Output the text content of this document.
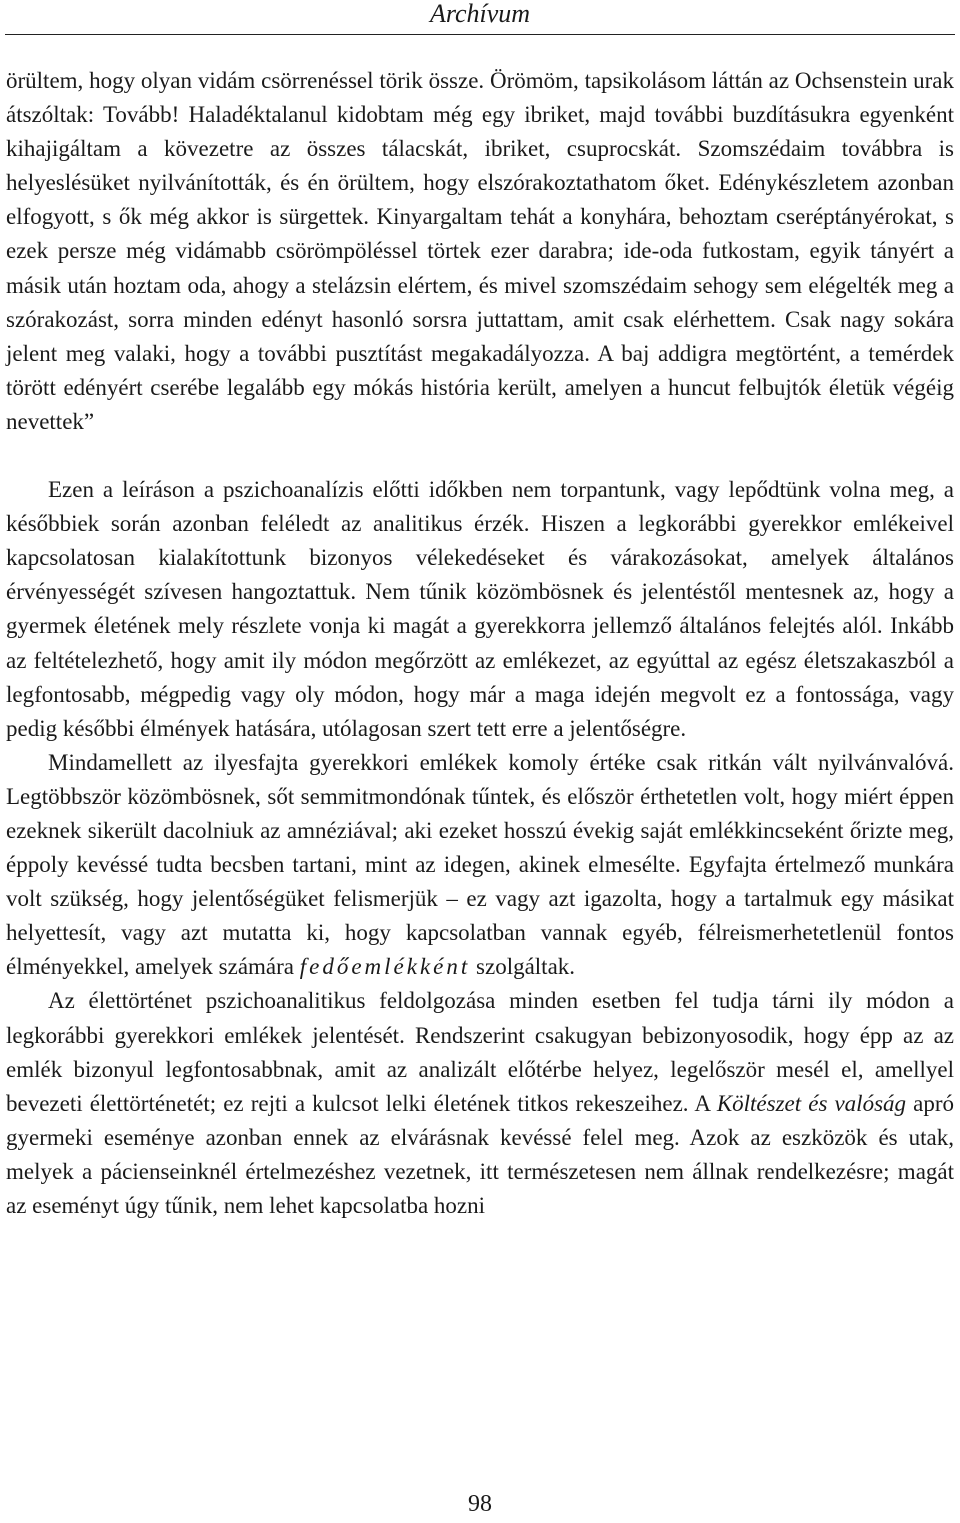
Archívum

örültem, hogy olyan vidám csörrenéssel törik össze. Örömöm, tapsikolásom láttán az Ochsenstein urak átszóltak: Tovább! Haladéktalanul kidobtam még egy ibriket, majd további buzdításukra egyenként kihajigáltam a kövezetre az összes tálacskát, ibriket, csuprocskát. Szomszédaim továbbra is helyeslésüket nyilvánították, és én örültem, hogy elszórakoztathatom őket. Edénykészletem azonban elfogyott, s ők még akkor is sürgettek. Kinyargaltam tehát a konyhára, behoztam cseréptányérokat, s ezek persze még vidámabb csörömpöléssel törtek ezer darabra; ide-oda futkostam, egyik tányért a másik után hoztam oda, ahogy a stelázsin elértem, és mivel szomszédaim sehogy sem elégelték meg a szórakozást, sorra minden edényt hasonló sorsra juttattam, amit csak elérhettem. Csak nagy sokára jelent meg valaki, hogy a további pusztítást megakadályozza. A baj addigra megtörtént, a temérdek törött edényért cserébe legalább egy mókás história került, amelyen a huncut felbujtók életük végéig nevettek”

Ezen a leíráson a pszichoanalízis előtti időkben nem torpantunk, vagy lepődtünk volna meg, a későbbiek során azonban feléledt az analitikus érzék. Hiszen a legkorábbi gyerekkor emlékeivel kapcsolatosan kialakítottunk bizonyos vélekedéseket és várakozásokat, amelyek általános érvényességét szívesen hangoztattuk. Nem tűnik közömbösnek és jelentéstől mentesnek az, hogy a gyermek életének mely részlete vonja ki magát a gyerekkorra jellemző általános felejtés alól. Inkább az feltételezhető, hogy amit ily módon megőrzött az emlékezet, az egyúttal az egész életszakaszból a legfontosabb, mégpedig vagy oly módon, hogy már a maga idején megvolt ez a fontossága, vagy pedig későbbi élmények hatására, utólagosan szert tett erre a jelentőségre.

Mindamellett az ilyesfajta gyerekkori emlékek komoly értéke csak ritkán vált nyilvánvalóvá. Legtöbbször közömbösnek, sőt semmitmondónak tűntek, és először érthetetlen volt, hogy miért éppen ezeknek sikerült dacolniuk az amnéziával; aki ezeket hosszú évekig saját emlékkincseként őrizte meg, éppoly kevéssé tudta becsben tartani, mint az idegen, akinek elmesélte. Egyfajta értelmező munkára volt szükség, hogy jelentőségüket felismerjük – ez vagy azt igazolta, hogy a tartalmuk egy másikat helyettesít, vagy azt mutatta ki, hogy kapcsolatban vannak egyéb, félreismerhetetlenül fontos élményekkel, amelyek számára fedőemlékként szolgáltak.

Az élettörténet pszichoanalitikus feldolgozása minden esetben fel tudja tárni ily módon a legkorábbi gyerekkori emlékek jelentését. Rendszerint csakugyan bebizonyosodik, hogy épp az az emlék bizonyul legfontosabbnak, amit az analizált előtérbe helyez, legelőször mesél el, amellyel bevezeti élettörténetét; ez rejti a kulcsot lelki életének titkos rekeszeihez. A Költészet és valóság apró gyermeki eseménye azonban ennek az elvárásnak kevéssé felel meg. Azok az eszközök és utak, melyek a pácienseinknél értelmezéshez vezetnek, itt természetesen nem állnak rendelkezésre; magát az eseményt úgy tűnik, nem lehet kapcsolatba hozni

98
